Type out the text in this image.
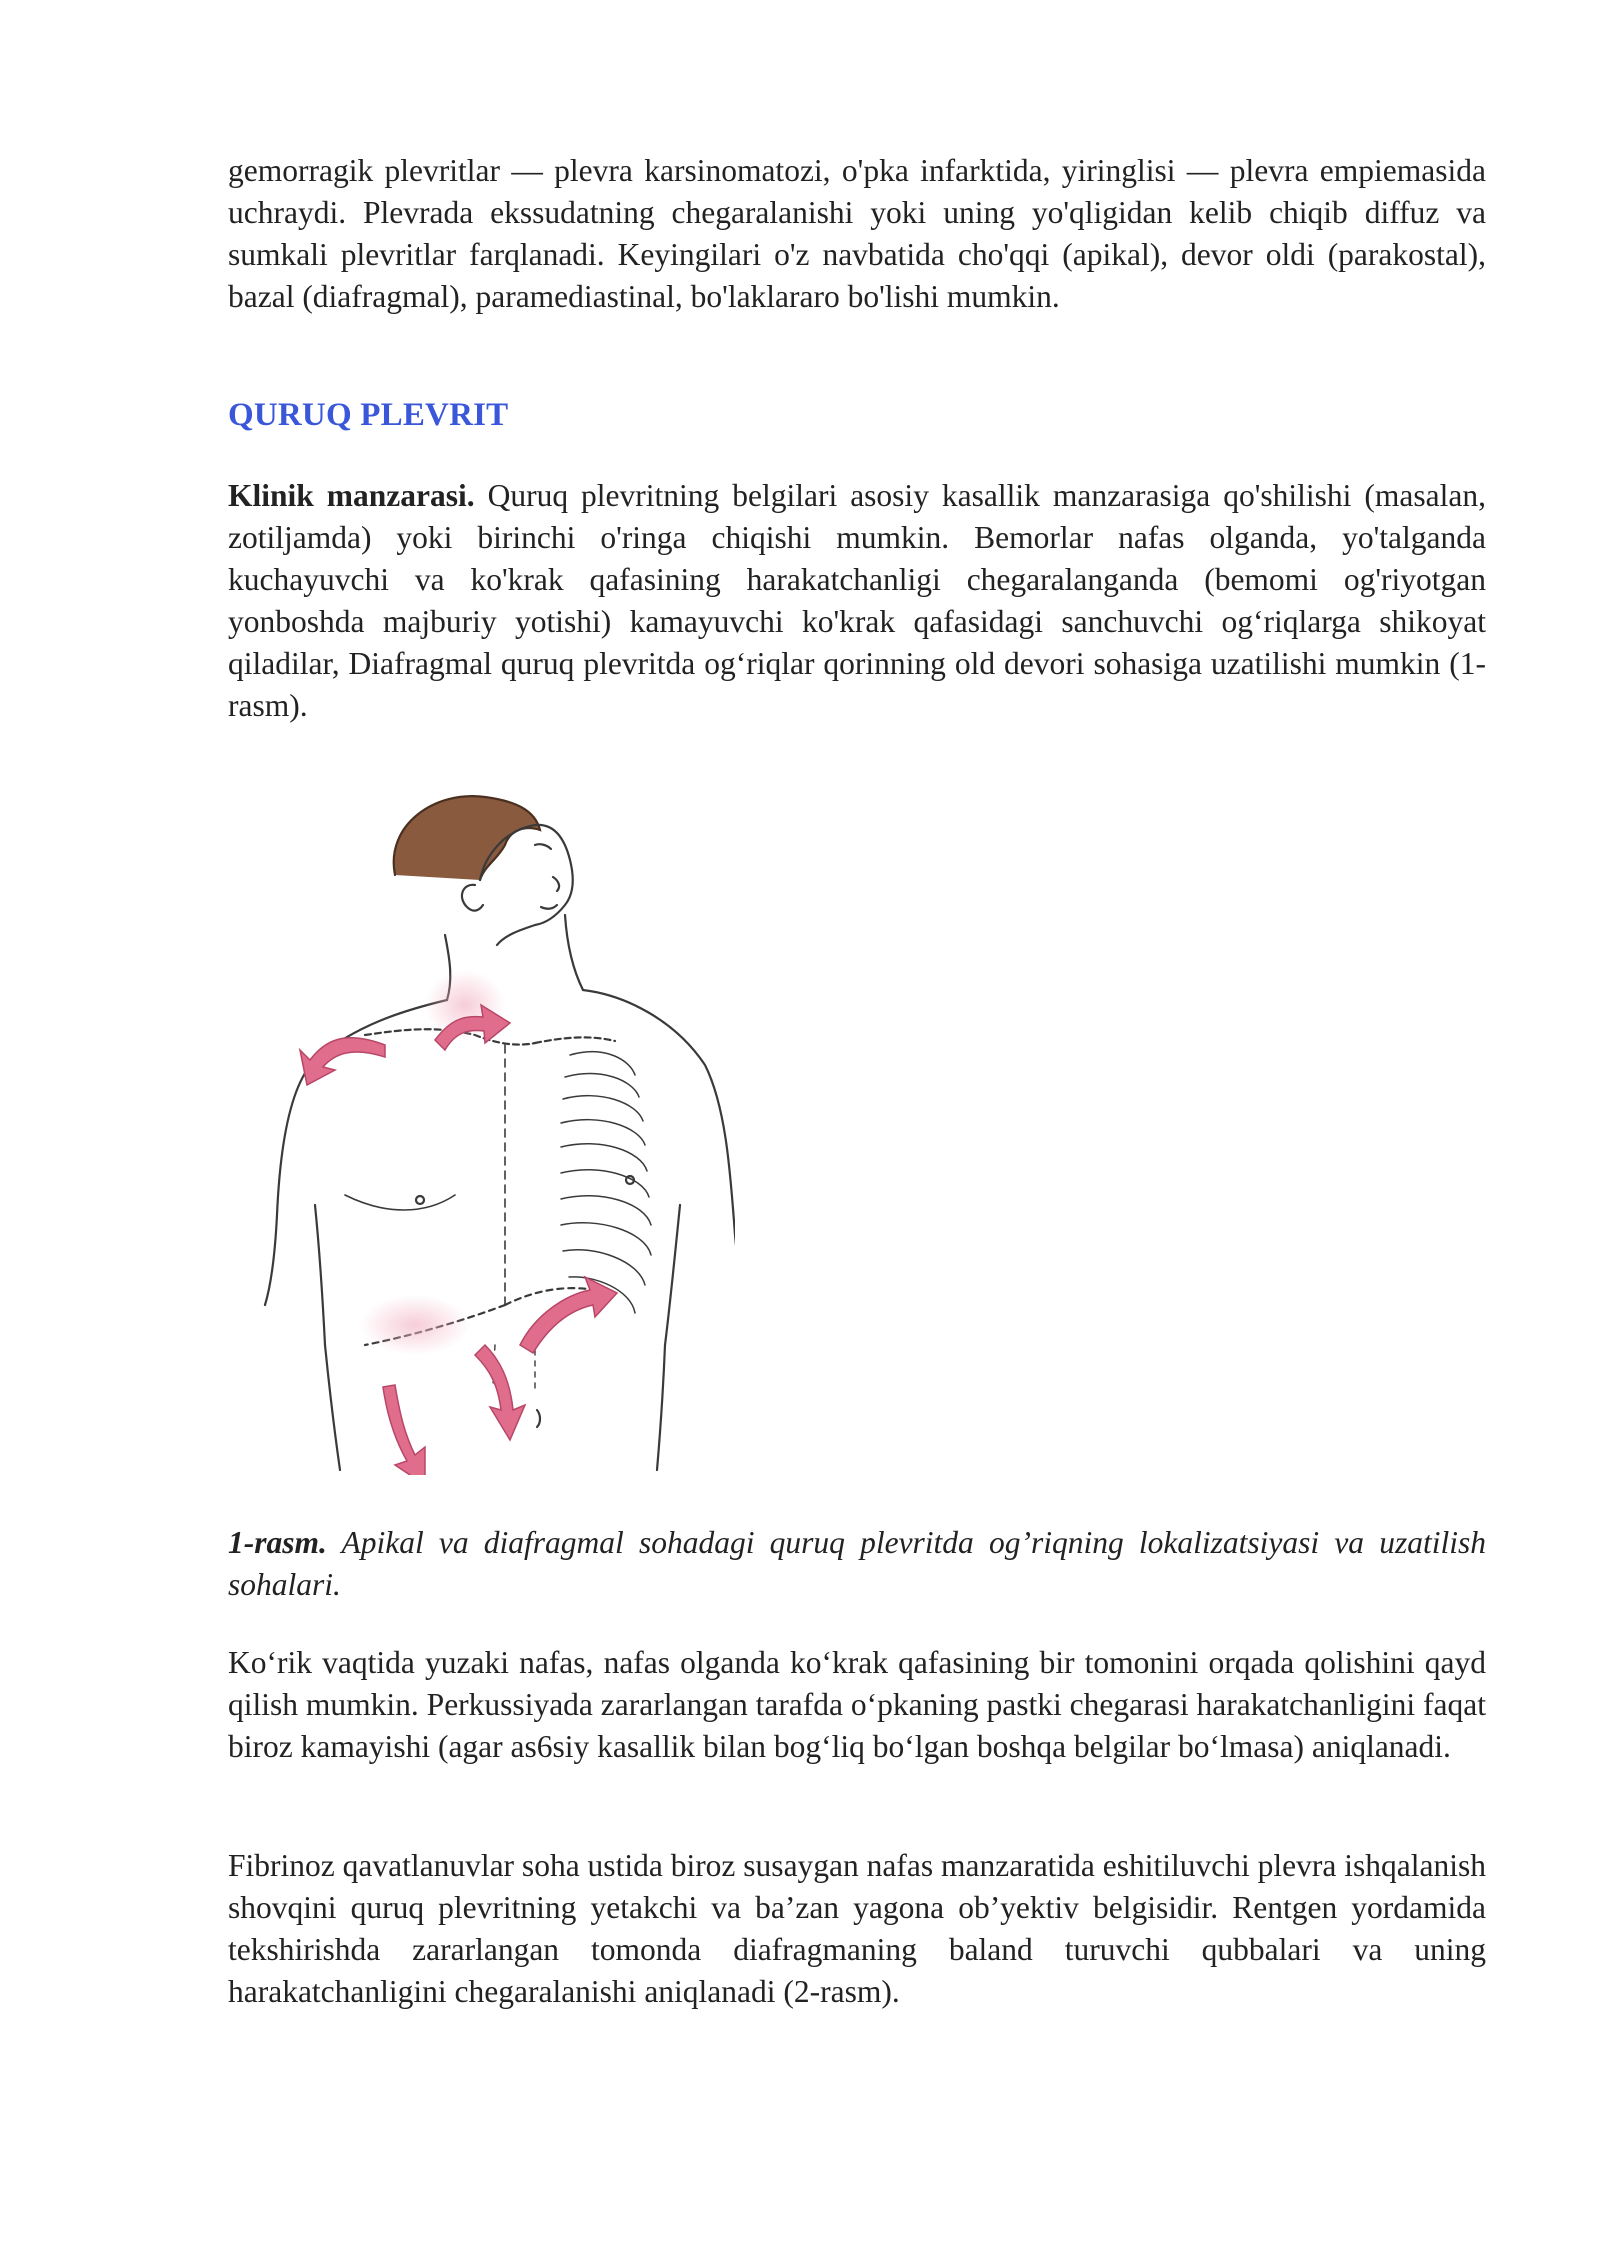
gemorragik plevritlar — plevra karsinomatozi, o'pka infarktida, yiringlisi — plevra empiemasida uchraydi. Plevrada ekssudatning chegaralanishi yoki uning yo'qligidan kelib chiqib diffuz va sumkali plevritlar farqlanadi. Keyingilari o'z navbatida cho'qqi (apikal), devor oldi (parakostal), bazal (diafragmal), paramediastinal, bo'laklararo bo'lishi mumkin.

QURUQ PLEVRIT

Klinik manzarasi. Quruq plevritning belgilari asosiy kasallik manzarasiga qo'shilishi (masalan, zotiljamda) yoki birinchi o'ringa chiqishi mumkin. Bemorlar nafas olganda, yo'talganda kuchayuvchi va ko'krak qafasining harakatchanligi chegaralanganda (bemomi og'riyotgan yonboshda majburiy yotishi) kamayuvchi ko'krak qafasidagi sanchuvchi og‘riqlarga shikoyat qiladilar, Diafragmal quruq plevritda og‘riqlar qorinning old devori sohasiga uzatilishi mumkin (1-rasm).

1-rasm. Apikal va diafragmal sohadagi quruq plevritda og’riqning lokalizatsiyasi va uzatilish sohalari.

Ko‘rik vaqtida yuzaki nafas, nafas olganda ko‘krak qafasining bir tomonini orqada qolishini qayd qilish mumkin. Perkussiyada zararlangan tarafda o‘pkaning pastki chegarasi harakatchanligini faqat biroz kamayishi (agar as6siy kasallik bilan bog‘liq bo‘lgan boshqa belgilar bo‘lmasa) aniqlanadi.

Fibrinoz qavatlanuvlar soha ustida biroz susaygan nafas manzaratida eshitiluvchi plevra ishqalanish shovqini quruq plevritning yetakchi va ba’zan yagona ob’yektiv belgisidir. Rentgen yordamida tekshirishda zararlangan tomonda diafragmaning baland turuvchi qubbalari va uning harakatchanligini chegaralanishi aniqlanadi (2-rasm).
